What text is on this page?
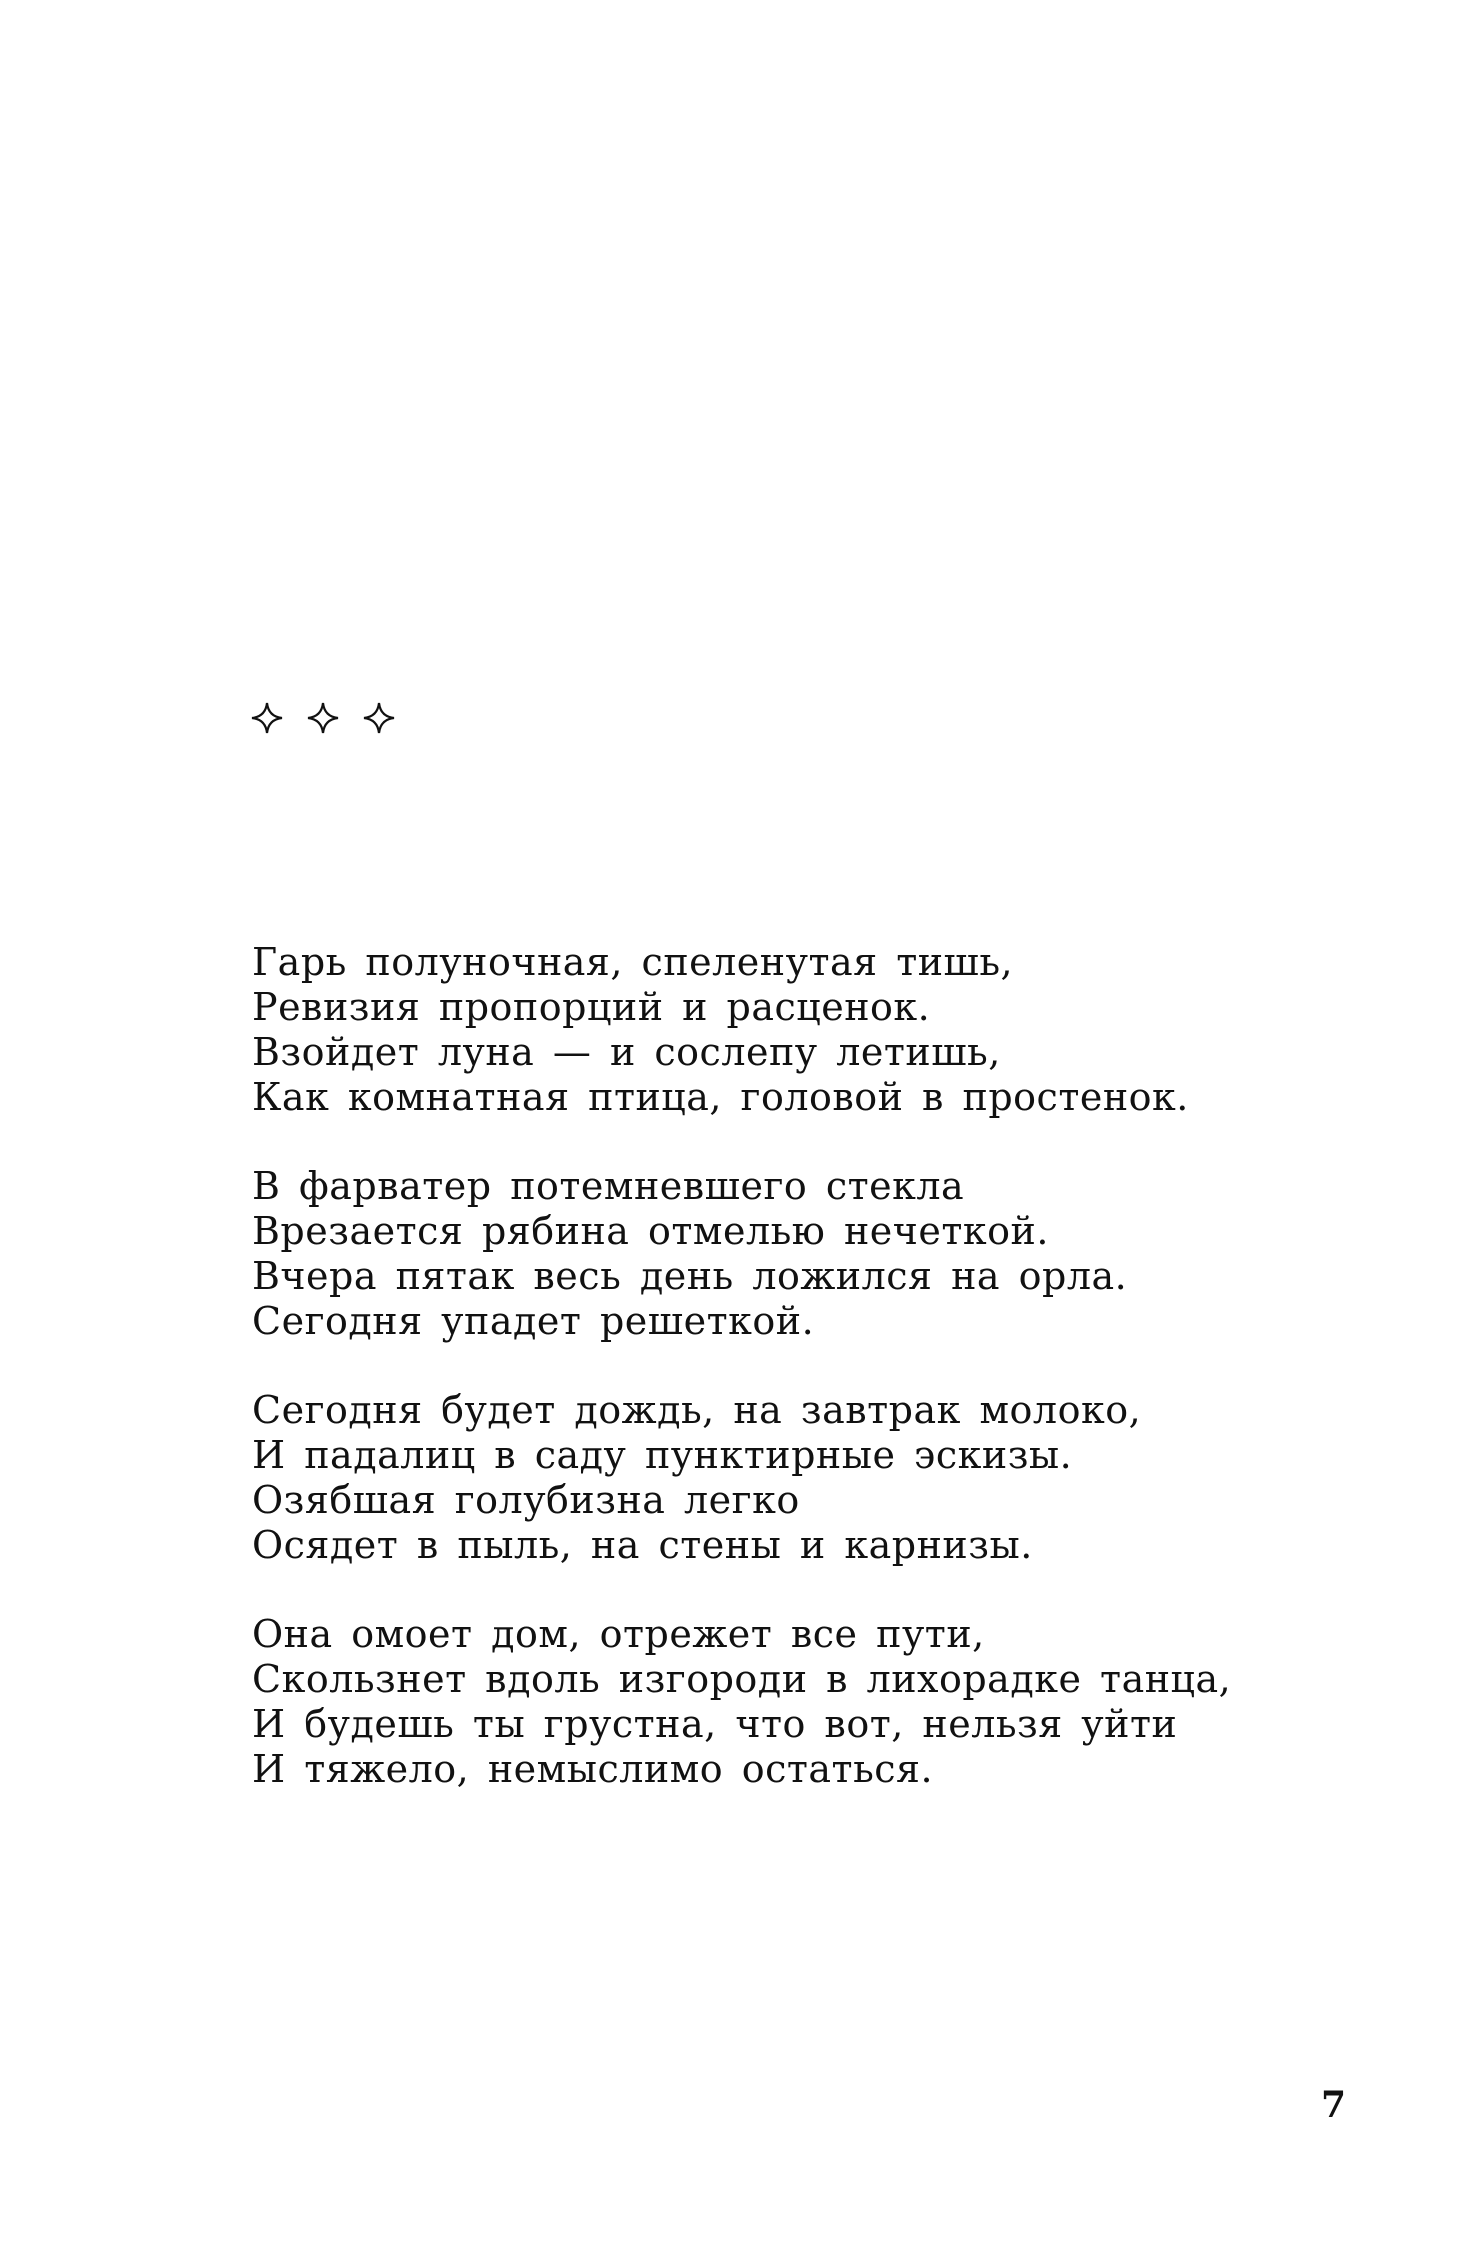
Гарь полуночная, спеленутая тишь,
Ревизия пропорций и расценок.
Взойдет луна — и сослепу летишь,
Как комнатная птица, головой в простенок.
В фарватер потемневшего стекла
Врезается рябина отмелью нечеткой.
Вчера пятак весь день ложился на орла.
Сегодня упадет решеткой.
Сегодня будет дождь, на завтрак молоко,
И падалиц в саду пунктирные эскизы.
Озябшая голубизна легко
Осядет в пыль, на стены и карнизы.
Она омоет дом, отрежет все пути,
Скользнет вдоль изгороди в лихорадке танца,
И будешь ты грустна, что вот, нельзя уйти
И тяжело, немыслимо остаться.
7
